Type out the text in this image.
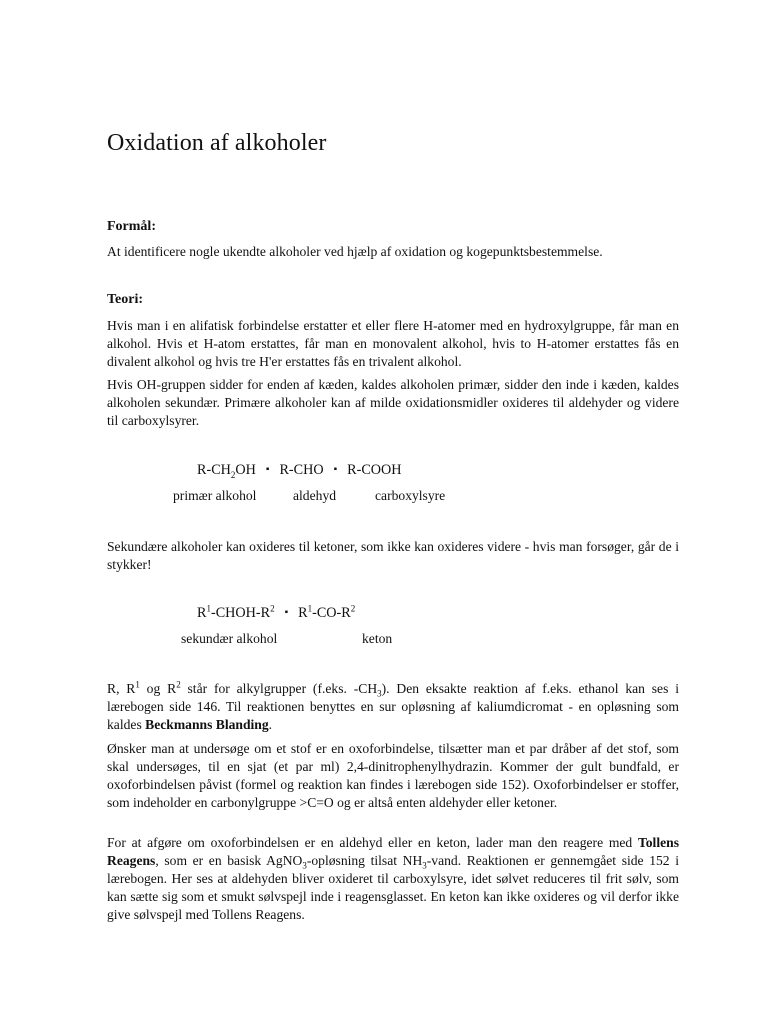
Oxidation af alkoholer
Formål:

At identificere nogle ukendte alkoholer ved hjælp af oxidation og kogepunktsbestemmelse.

Teori:

Hvis man i en alifatisk forbindelse erstatter et eller flere H-atomer med en hydroxylgruppe, får man en alkohol. Hvis et H-atom erstattes, får man en monovalent alkohol, hvis to H-atomer erstattes fås en divalent alkohol og hvis tre H'er erstattes fås en trivalent alkohol.

Hvis OH-gruppen sidder for enden af kæden, kaldes alkoholen primær, sidder den inde i kæden, kaldes alkoholen sekundær. Primære alkoholer kan af milde oxidationsmidler oxideres til aldehyder og videre til carboxylsyrer.

$R-CH_2OH$ ▪ R-CHO ▪ R-COOH
primær alkohol	aldehyd	carboxylsyre

Sekundære alkoholer kan oxideres til ketoner, som ikke kan oxideres videre - hvis man forsøger, går de i stykker!

$R^1-CHOH-R^2$ ▪ $R^1-CO-R^2$
sekundær alkohol	keton

R, $R^1$ og $R^2$ står for alkylgrupper (f.eks. $-CH_3$). Den eksakte reaktion af f.eks. ethanol kan ses i lærebogen side 146. Til reaktionen benyttes en sur opløsning af kaliumdicromat - en opløsning som kaldes Beckmanns Blanding.

Ønsker man at undersøge om et stof er en oxoforbindelse, tilsætter man et par dråber af det stof, som skal undersøges, til en sjat (et par ml) 2,4-dinitrophenylhydrazin. Kommer der gult bundfald, er oxoforbindelsen påvist (formel og reaktion kan findes i lærebogen side 152). Oxoforbindelser er stoffer, som indeholder en carbonylgruppe >C=O og er altså enten aldehyder eller ketoner.

For at afgøre om oxoforbindelsen er en aldehyd eller en keton, lader man den reagere med Tollens Reagens, som er en basisk AgNO$_3$-opløsning tilsat $NH_3$-vand. Reaktionen er gennemgået side 152 i lærebogen. Her ses at aldehyden bliver oxideret til carboxylsyre, idet sølvet reduceres til frit sølv, som kan sætte sig som et smukt sølvspejl inde i reagensglasset. En keton kan ikke oxideres og vil derfor ikke give sølvspejl med Tollens Reagens.
